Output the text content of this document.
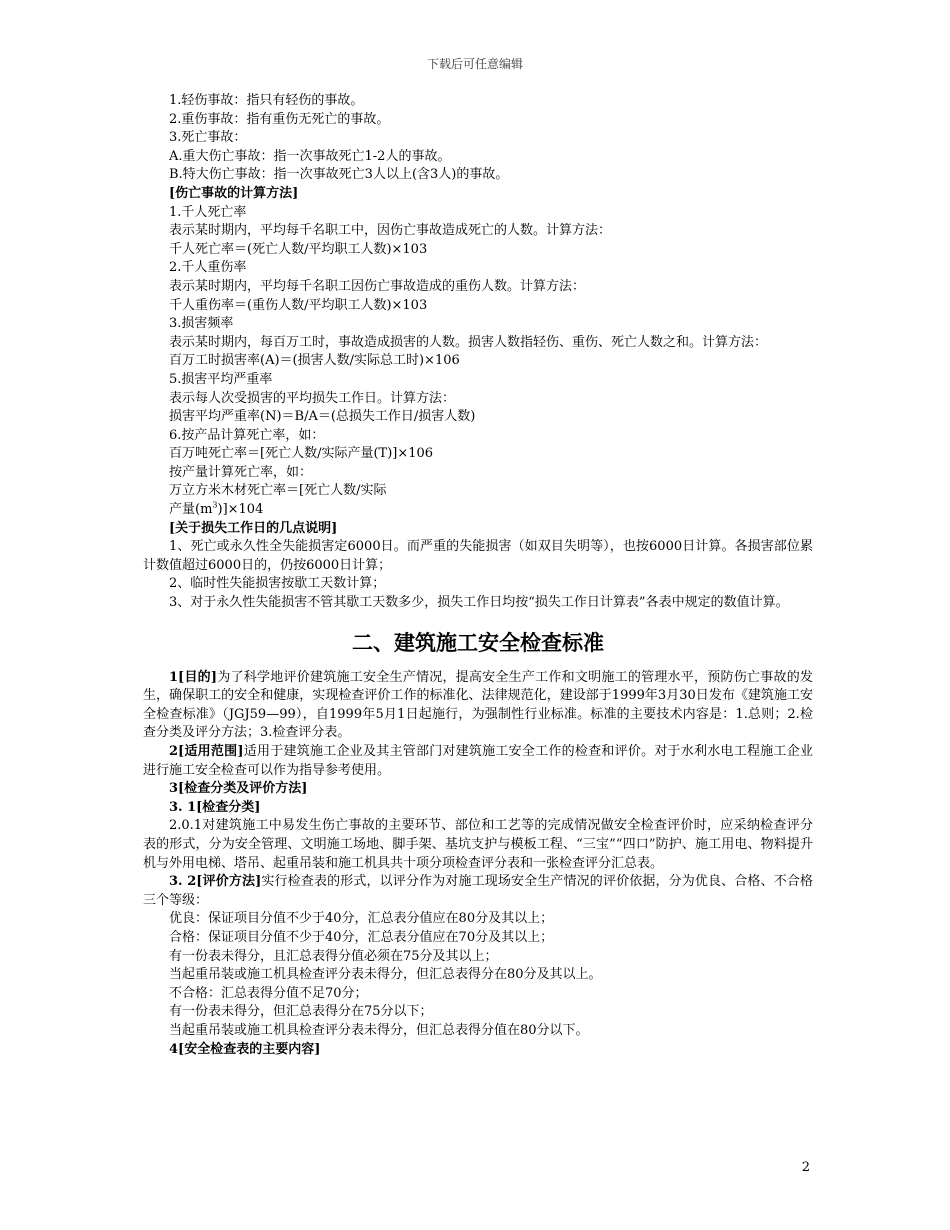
下载后可任意编辑
1.轻伤事故：指只有轻伤的事故。
2.重伤事故：指有重伤无死亡的事故。
3.死亡事故：
A.重大伤亡事故：指一次事故死亡1-2人的事故。
B.特大伤亡事故：指一次事故死亡3人以上(含3人)的事故。
[伤亡事故的计算方法]
1.千人死亡率
表示某时期内，平均每千名职工中，因伤亡事故造成死亡的人数。计算方法：
千人死亡率＝(死亡人数/平均职工人数)×103
2.千人重伤率
表示某时期内，平均每千名职工因伤亡事故造成的重伤人数。计算方法：
千人重伤率＝(重伤人数/平均职工人数)×103
3.损害频率
表示某时期内，每百万工时，事故造成损害的人数。损害人数指轻伤、重伤、死亡人数之和。计算方法：
百万工时损害率(A)＝(损害人数/实际总工时)×106
5.损害平均严重率
表示每人次受损害的平均损失工作日。计算方法：
损害平均严重率(N)＝B/A＝(总损失工作日/损害人数)
6.按产品计算死亡率，如：
百万吨死亡率＝[死亡人数/实际产量(T)]×106
按产量计算死亡率，如：
万立方米木材死亡率＝[死亡人数/实际
产量$(m^3)]\times 104$
[关于损失工作日的几点说明]
1、死亡或永久性全失能损害定6000日。而严重的失能损害（如双目失明等），也按6000日计算。各损害部位累计数值超过6000日的，仍按6000日计算；
2、临时性失能损害按歇工天数计算；
3、对于永久性失能损害不管其歇工天数多少，损失工作日均按“损失工作日计算表”各表中规定的数值计算。
二、建筑施工安全检查标准
1[目的]为了科学地评价建筑施工安全生产情况，提高安全生产工作和文明施工的管理水平，预防伤亡事故的发生，确保职工的安全和健康，实现检查评价工作的标准化、法律规范化，建设部于1999年3月30日发布《建筑施工安全检查标准》（JGJ59—99），自1999年5月1日起施行，为强制性行业标准。标准的主要技术内容是：1.总则；2.检查分类及评分方法；3.检查评分表。
2[适用范围]适用于建筑施工企业及其主管部门对建筑施工安全工作的检查和评价。对于水利水电工程施工企业进行施工安全检查可以作为指导参考使用。
3[检查分类及评价方法]
3. 1[检查分类]
2.0.1对建筑施工中易发生伤亡事故的主要环节、部位和工艺等的完成情况做安全检查评价时，应采纳检查评分表的形式，分为安全管理、文明施工场地、脚手架、基坑支护与模板工程、“三宝”“四口”防护、施工用电、物料提升机与外用电梯、塔吊、起重吊装和施工机具共十项分项检查评分表和一张检查评分汇总表。
3. 2[评价方法]实行检查表的形式，以评分作为对施工现场安全生产情况的评价依据，分为优良、合格、不合格三个等级：
优良：保证项目分值不少于40分，汇总表分值应在80分及其以上；
合格：保证项目分值不少于40分，汇总表分值应在70分及其以上；
有一份表未得分，且汇总表得分值必须在75分及其以上；
当起重吊装或施工机具检查评分表未得分，但汇总表得分在80分及其以上。
不合格：汇总表得分值不足70分；
有一份表未得分，但汇总表得分在75分以下；
当起重吊装或施工机具检查评分表未得分，但汇总表得分值在80分以下。
4[安全检查表的主要内容]
2
